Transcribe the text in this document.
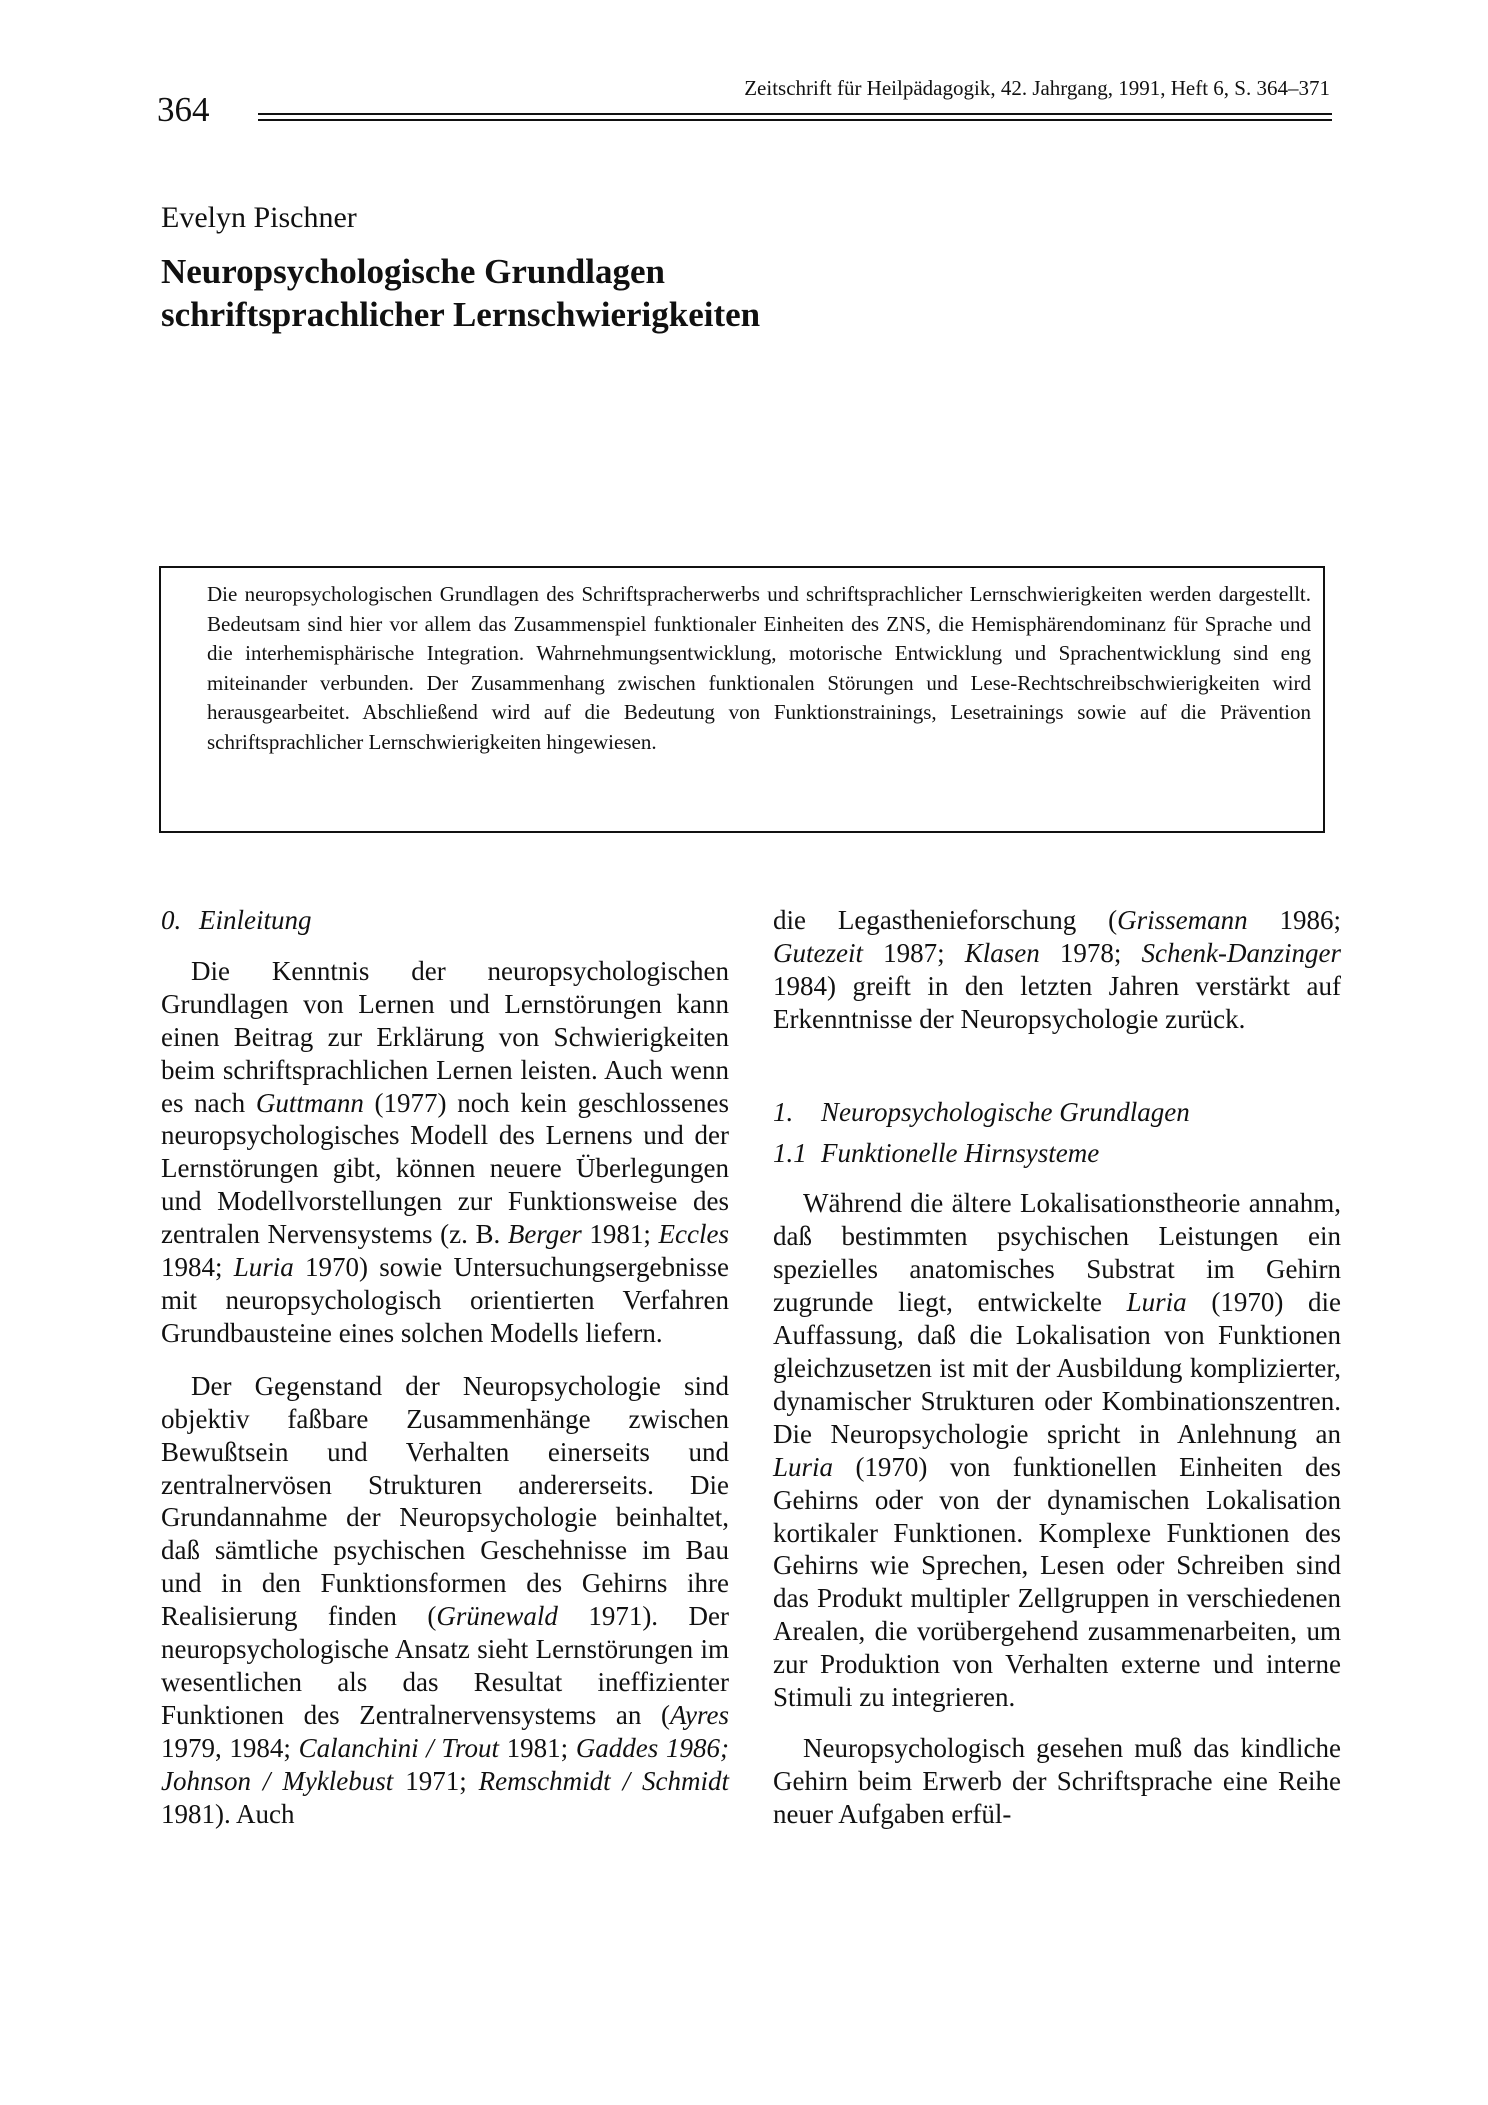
364
Zeitschrift für Heilpädagogik, 42. Jahrgang, 1991, Heft 6, S. 364–371
Evelyn Pischner
Neuropsychologische Grundlagen
schriftsprachlicher Lernschwierigkeiten

Die neuropsychologischen Grundlagen des Schriftspracherwerbs und schriftsprachlicher Lernschwierigkeiten werden dargestellt. Bedeutsam sind hier vor allem das Zusammenspiel funktionaler Einheiten des ZNS, die Hemisphärendominanz für Sprache und die interhemisphärische Integration. Wahrnehmungsentwicklung, motorische Entwicklung und Sprachentwicklung sind eng miteinander verbunden. Der Zusammenhang zwischen funktionalen Störungen und Lese-Rechtschreibschwierigkeiten wird herausgearbeitet. Abschließend wird auf die Bedeutung von Funktionstrainings, Lesetrainings sowie auf die Prävention schriftsprachlicher Lernschwierigkeiten hingewiesen.

0. Einleitung

Die Kenntnis der neuropsychologischen Grundlagen von Lernen und Lernstörungen kann einen Beitrag zur Erklärung von Schwierigkeiten beim schriftsprachlichen Lernen leisten. Auch wenn es nach Guttmann (1977) noch kein geschlossenes neuropsychologisches Modell des Lernens und der Lernstörungen gibt, können neuere Überlegungen und Modellvorstellungen zur Funktionsweise des zentralen Nervensystems (z. B. Berger 1981; Eccles 1984; Luria 1970) sowie Untersuchungsergebnisse mit neuropsychologisch orientierten Verfahren Grundbausteine eines solchen Modells liefern.

Der Gegenstand der Neuropsychologie sind objektiv faßbare Zusammenhänge zwischen Bewußtsein und Verhalten einerseits und zentralnervösen Strukturen andererseits. Die Grundannahme der Neuropsychologie beinhaltet, daß sämtliche psychischen Geschehnisse im Bau und in den Funktionsformen des Gehirns ihre Realisierung finden (Grünewald 1971). Der neuropsychologische Ansatz sieht Lernstörungen im wesentlichen als das Resultat ineffizienter Funktionen des Zentralnervensystems an (Ayres 1979, 1984; Calanchini / Trout 1981; Gaddes 1986; Johnson / Myklebust 1971; Remschmidt / Schmidt 1981). Auch

die Legasthenieforschung (Grissemann 1986; Gutezeit 1987; Klasen 1978; Schenk-Danzinger 1984) greift in den letzten Jahren verstärkt auf Erkenntnisse der Neuropsychologie zurück.

1. Neuropsychologische Grundlagen
1.1 Funktionelle Hirnsysteme

Während die ältere Lokalisationstheorie annahm, daß bestimmten psychischen Leistungen ein spezielles anatomisches Substrat im Gehirn zugrunde liegt, entwickelte Luria (1970) die Auffassung, daß die Lokalisation von Funktionen gleichzusetzen ist mit der Ausbildung komplizierter, dynamischer Strukturen oder Kombinationszentren. Die Neuropsychologie spricht in Anlehnung an Luria (1970) von funktionellen Einheiten des Gehirns oder von der dynamischen Lokalisation kortikaler Funktionen. Komplexe Funktionen des Gehirns wie Sprechen, Lesen oder Schreiben sind das Produkt multipler Zellgruppen in verschiedenen Arealen, die vorübergehend zusammenarbeiten, um zur Produktion von Verhalten externe und interne Stimuli zu integrieren.

Neuropsychologisch gesehen muß das kindliche Gehirn beim Erwerb der Schriftsprache eine Reihe neuer Aufgaben erfül-
